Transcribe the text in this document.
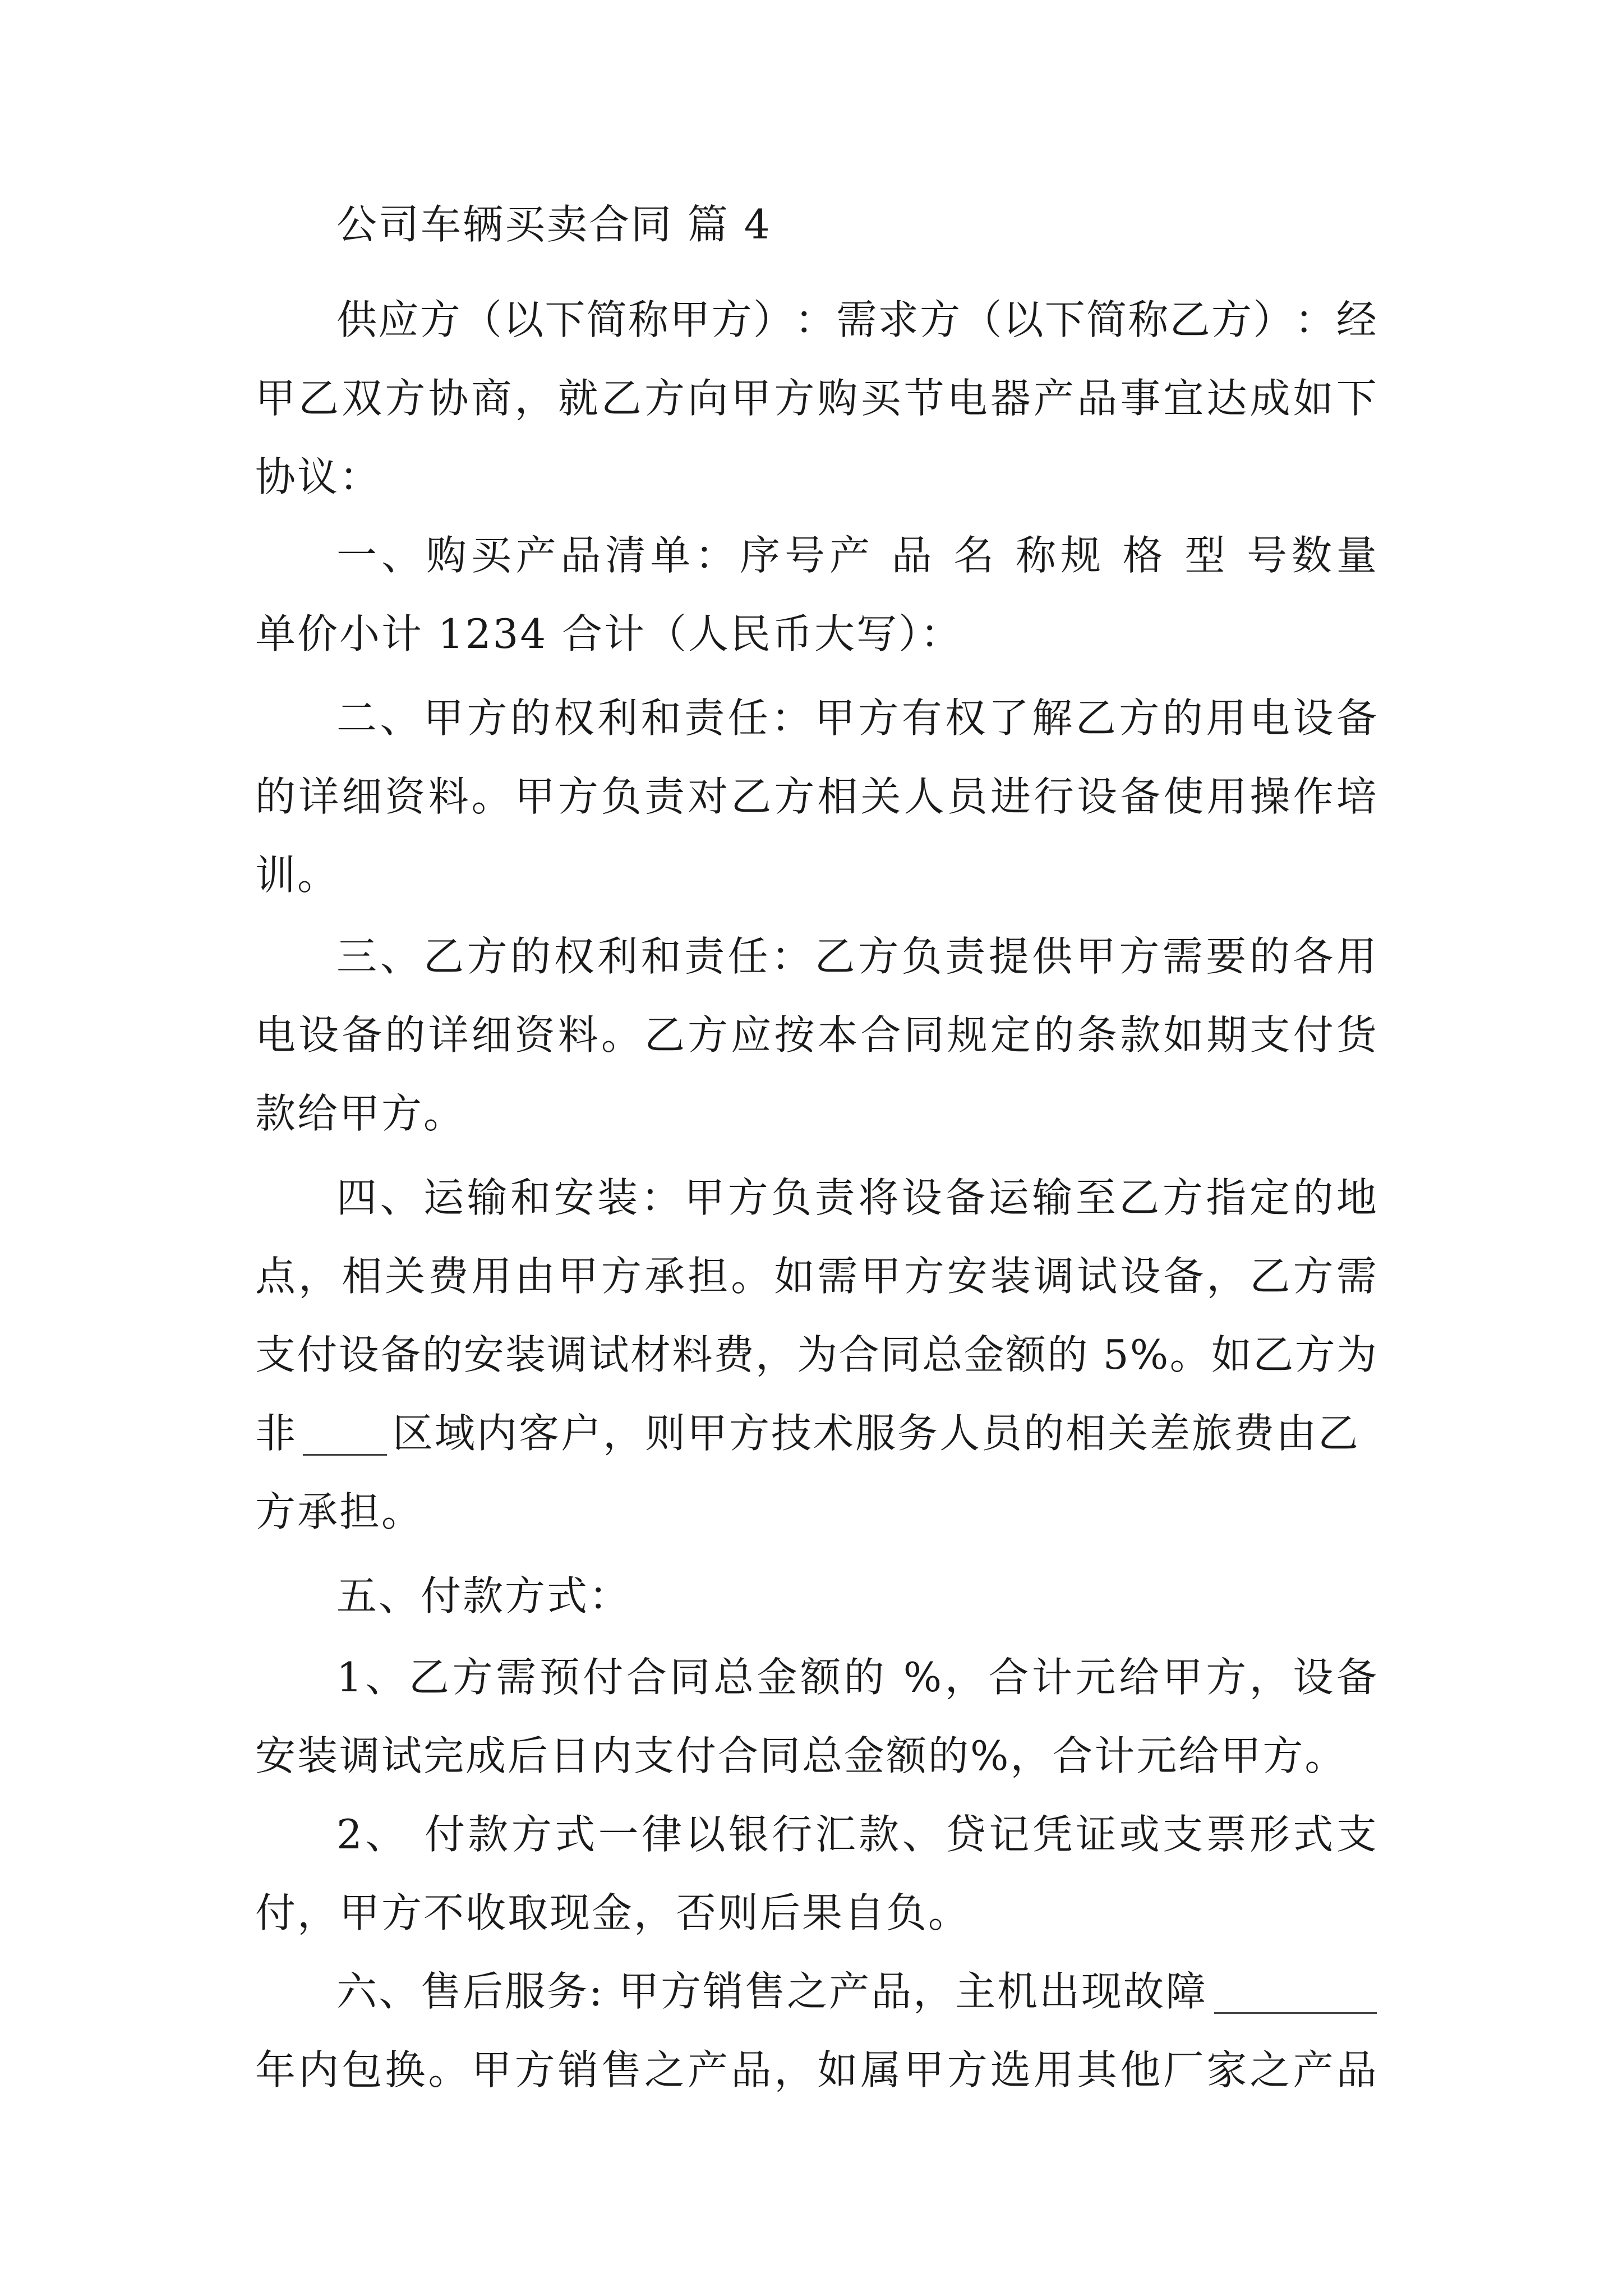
公司车辆买卖合同 篇 4
供 应 方 （ 以 下 简 称 甲 方 ） ： 需 求 方 （ 以 下 简 称 乙 方 ） ： 经
甲 乙 双 方 协 商 ， 就 乙 方 向 甲 方 购 买 节 电 器 产 品 事 宜 达 成 如 下
协议：
一 、 购 买 产 品 清 单 ： 序 号 产
品
名
称 规
格
型
号 数 量
单价小计 1234 合计（人民币大写）：
二 、 甲 方 的 权 利 和 责 任 ： 甲 方 有 权 了 解 乙 方 的 用 电 设 备
的 详 细 资 料 。 甲 方 负 责 对 乙 方 相 关 人 员 进 行 设 备 使 用 操 作 培
训。
三 、 乙 方 的 权 利 和 责 任 ： 乙 方 负 责 提 供 甲 方 需 要 的 各 用
电 设 备 的 详 细 资 料 。 乙 方 应 按 本 合 同 规 定 的 条 款 如 期 支 付 货
款给甲方。
四 、 运 输 和 安 装 ： 甲 方 负 责 将 设 备 运 输 至 乙 方 指 定 的 地
点 ， 相 关 费 用 由 甲 方 承 担 。 如 需 甲 方 安 装 调 试 设 备 ， 乙 方 需
支 付 设 备 的 安 装 调 试 材 料 费 ， 为 合 同 总 金 额 的
5 % 。 如 乙 方 为
非 区域内客户，则甲方技术服务人员的相关差旅费由乙
方承担。
五、付款方式：
1 、 乙 方 需 预 付 合 同 总 金 额 的
% ， 合 计 元 给 甲 方 ， 设 备
安装调试完成后日内支付合同总金额的%，合计元给甲方。
2 、
付 款 方 式 一 律 以 银 行 汇 款 、 贷 记 凭 证 或 支 票 形 式 支
付，甲方不收取现金，否则后果自负。
六、售后服务: 甲方销售之产品，主机出现故障
年 内 包 换 。 甲 方 销 售 之 产 品 ， 如 属 甲 方 选 用 其 他 厂 家 之 产 品
